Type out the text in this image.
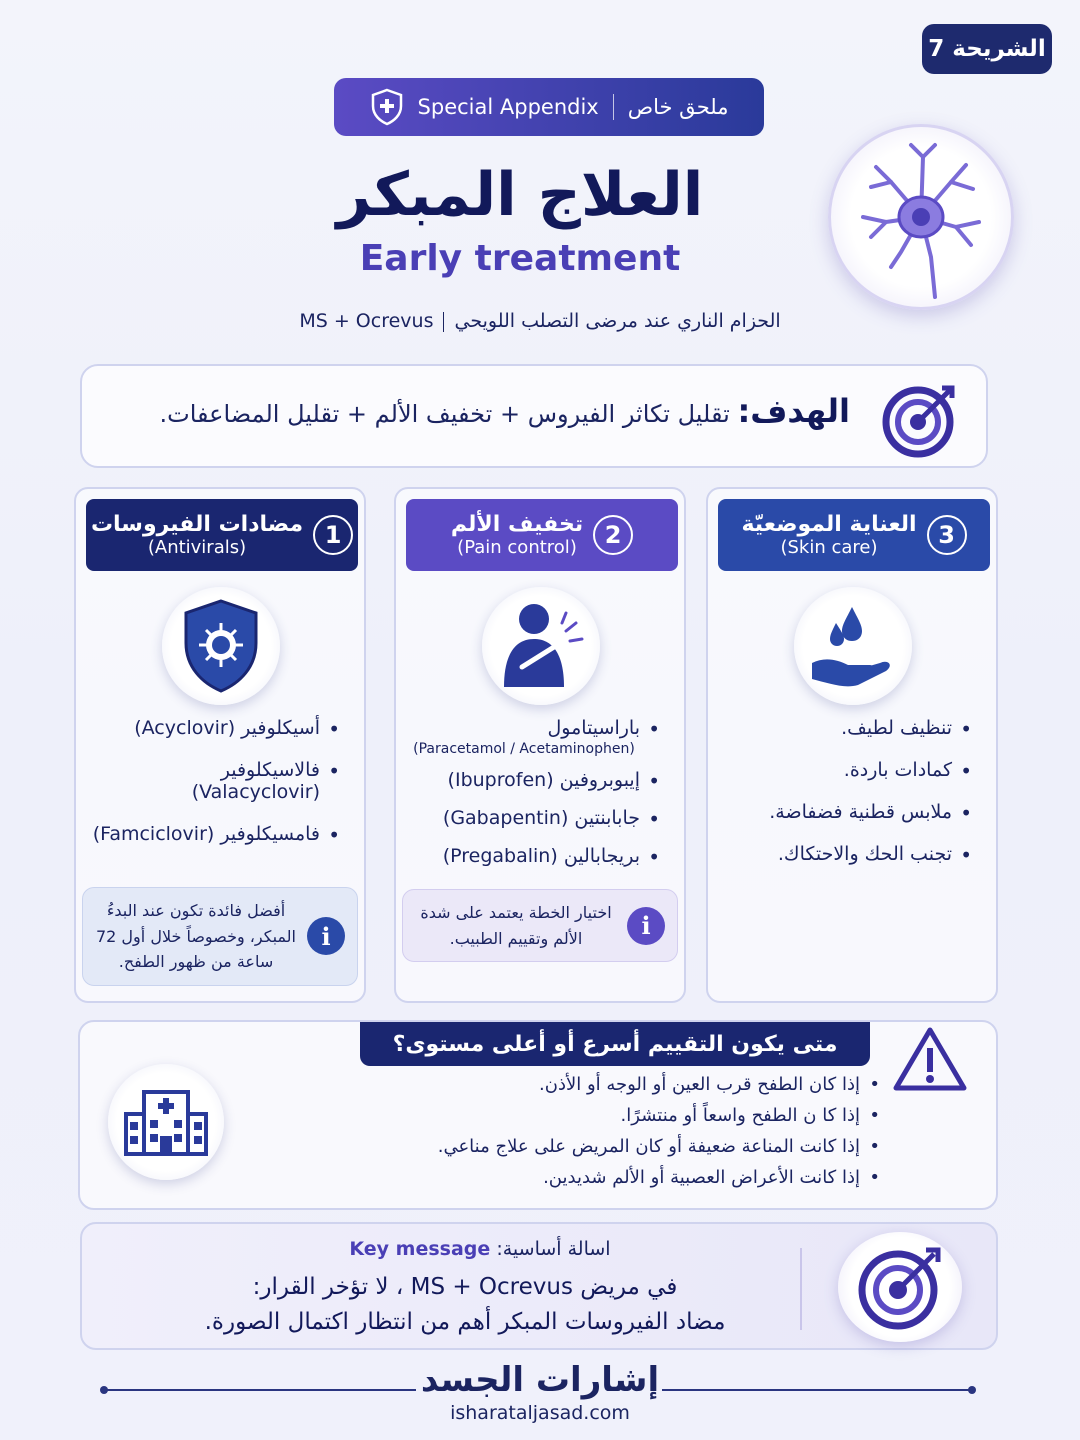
الشريحة 7
Special Appendix ملحق خاص
العلاج المبكر
Early treatment
الحزام الناري عند مرضى التصلب اللويحيMS + Ocrevus
الهدف: تقليل تكاثر الفيروس + تخفيف الألم + تقليل المضاعفات.
1
مضادات الفيروسات
(Antivirals)
• أسيكلوفير (Acyclovir)
• فالاسيكلوفير (Valacyclovir)
• فامسيكلوفير (Famciclovir)
i
أفضل فائدة تكون عند البدءُ المبكر، وخصوصاً خلال أول 72 ساعة من ظهور الطفح.
2
تخفيف الألم
(Pain control)
• باراسيتامول
(Paracetamol / Acetaminophen)
• إيبوبروفين (Ibuprofen)
• جابابنتين (Gabapentin)
• بريجابالين (Pregabalin)
i
اختيار الخطة يعتمد على شدة الألم وتقييم الطبيب.
3
العناية الموضعيّة
(Skin care)
• تنظيف لطيف.
• كمادات باردة.
• ملابس قطنية فضفاضة.
• تجنب الحك والاحتكاك.
متى يكون التقييم أسرع أو أعلى مستوى؟
• إذا كان الطفح قرب العين أو الوجه أو الأذن.
• إذا كا ن الطفح واسعاً أو منتشرًا.
• إذا كانت المناعة ضعيفة أو كان المريض على علاج مناعي.
• إذا كانت الأعراض العصبية أو الألم شديدين.
اسالة أساسية: Key message
في مريض MS + Ocrevus ، لا تؤخر القرار:
مضاد الفيروسات المبكر أهم من انتظار اكتمال الصورة.
إشارات الجسد
isharataljasad.com
